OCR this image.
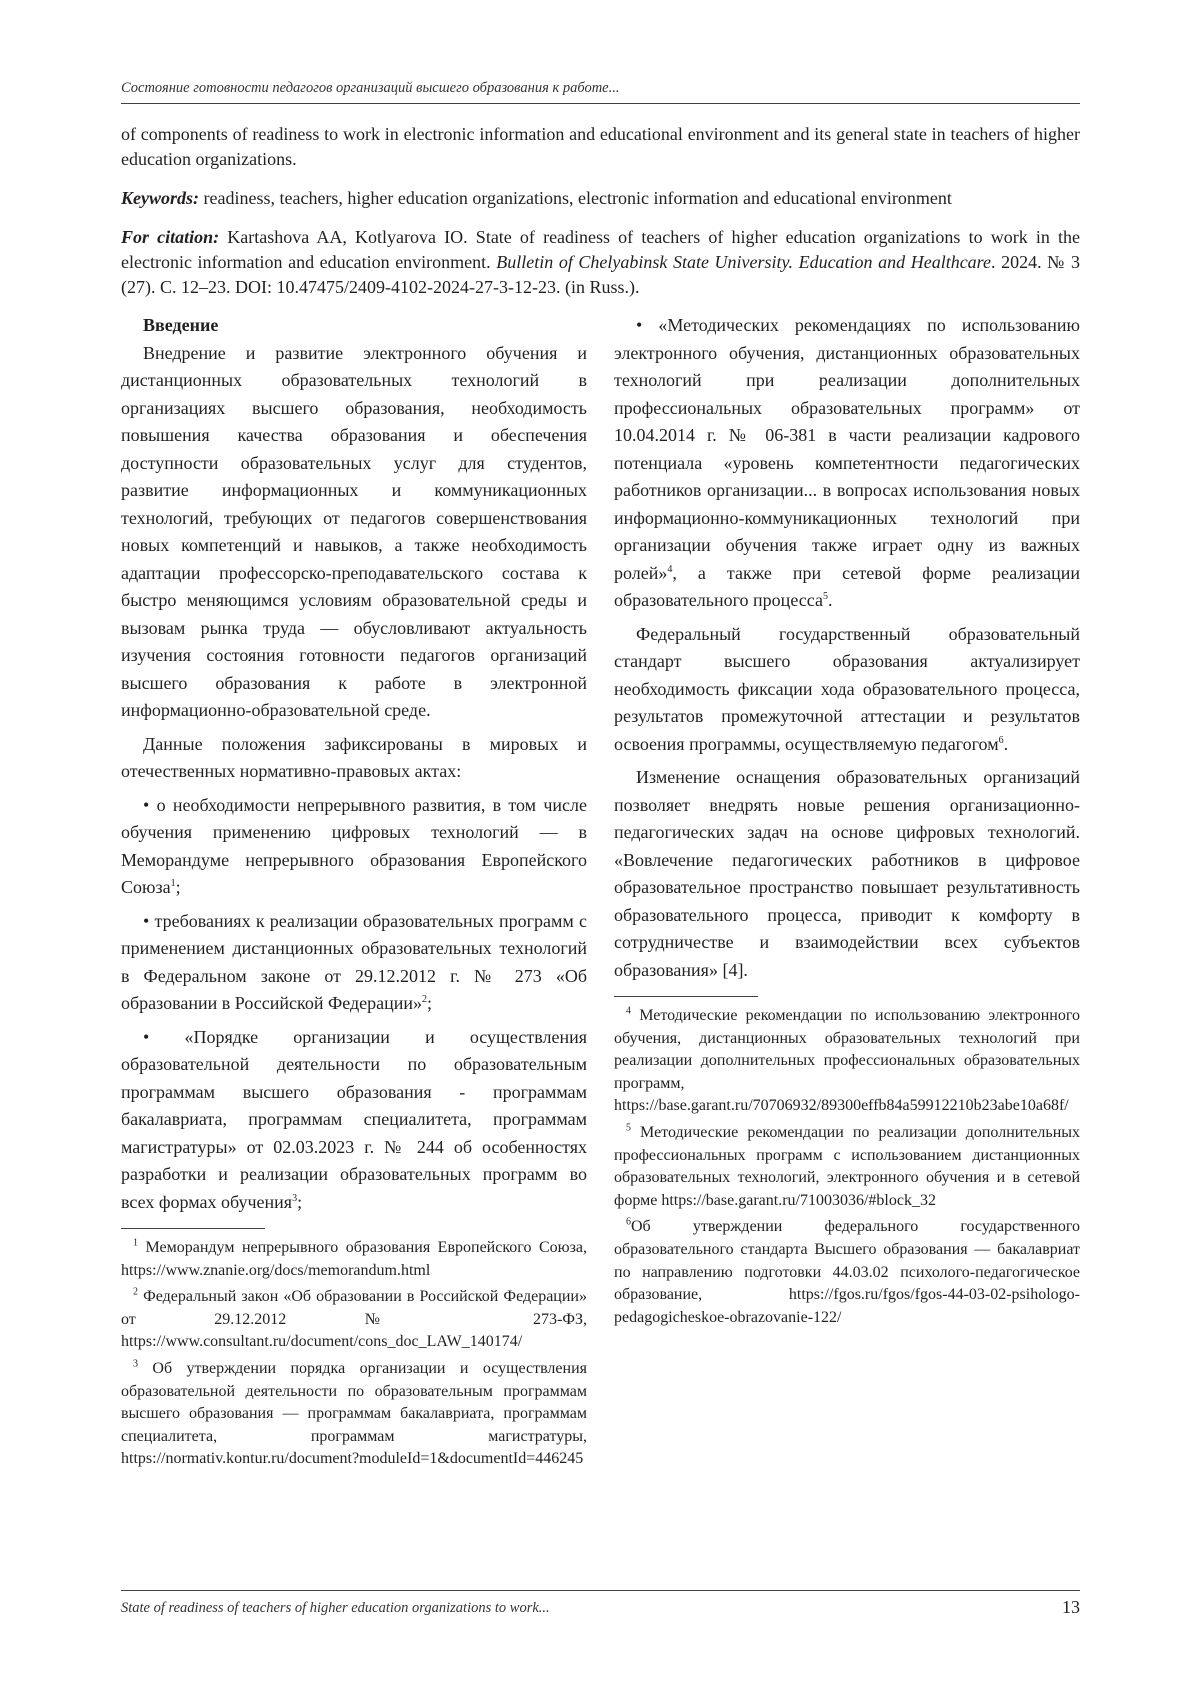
Состояние готовности педагогов организаций высшего образования к работе...

of components of readiness to work in electronic information and educational environment and its general state in teachers of higher education organizations.

Keywords: readiness, teachers, higher education organizations, electronic information and educational environment

For citation: Kartashova AA, Kotlyarova IO. State of readiness of teachers of higher education organizations to work in the electronic information and education environment. Bulletin of Chelyabinsk State University. Education and Healthcare. 2024. № 3 (27). С. 12–23. DOI: 10.47475/2409-4102-2024-27-3-12-23. (in Russ.).

Введение

Внедрение и развитие электронного обучения и дистанционных образовательных технологий в организациях высшего образования, необходимость повышения качества образования и обеспечения доступности образовательных услуг для студентов, развитие информационных и коммуникационных технологий, требующих от педагогов совершенствования новых компетенций и навыков, а также необходимость адаптации профессорско-преподавательского состава к быстро меняющимся условиям образовательной среды и вызовам рынка труда — обусловливают актуальность изучения состояния готовности педагогов организаций высшего образования к работе в электронной информационно-образовательной среде.

Данные положения зафиксированы в мировых и отечественных нормативно-правовых актах:

• о необходимости непрерывного развития, в том числе обучения применению цифровых технологий — в Меморандуме непрерывного образования Европейского Союза$^1$;

• требованиях к реализации образовательных программ с применением дистанционных образовательных технологий в Федеральном законе от 29.12.2012 г. № 273 «Об образовании в Российской Федерации»$^2$;

• «Порядке организации и осуществления образовательной деятельности по образовательным программам высшего образования - программам бакалавриата, программам специалитета, программам магистратуры» от 02.03.2023 г. № 244 об особенностях разработки и реализации образовательных программ во всех формах обучения$^3$;

$^1$ Меморандум непрерывного образования Европейского Союза, https://www.znanie.org/docs/memorandum.html

$^2$ Федеральный закон «Об образовании в Российской Федерации» от 29.12.2012 № 273-ФЗ, https://www.consultant.ru/document/cons_doc_LAW_140174/

$^3$ Об утверждении порядка организации и осуществления образовательной деятельности по образовательным программам высшего образования — программам бакалавриата, программам специалитета, программам магистратуры, https://normativ.kontur.ru/document?moduleId=1&documentId=446245

• «Методических рекомендациях по использованию электронного обучения, дистанционных образовательных технологий при реализации дополнительных профессиональных образовательных программ» от 10.04.2014 г. № 06-381 в части реализации кадрового потенциала «уровень компетентности педагогических работников организации... в вопросах использования новых информационно-коммуникационных технологий при организации обучения также играет одну из важных ролей»$^4$, а также при сетевой форме реализации образовательного процесса$^5$.

Федеральный государственный образовательный стандарт высшего образования актуализирует необходимость фиксации хода образовательного процесса, результатов промежуточной аттестации и результатов освоения программы, осуществляемую педагогом$^6$.

Изменение оснащения образовательных организаций позволяет внедрять новые решения организационно-педагогических задач на основе цифровых технологий. «Вовлечение педагогических работников в цифровое образовательное пространство повышает результативность образовательного процесса, приводит к комфорту в сотрудничестве и взаимодействии всех субъектов образования» [4].

$^4$ Методические рекомендации по использованию электронного обучения, дистанционных образовательных технологий при реализации дополнительных профессиональных образовательных программ, https://base.garant.ru/70706932/89300effb84a59912210b23abe10a68f/

$^5$ Методические рекомендации по реализации дополнительных профессиональных программ с использованием дистанционных образовательных технологий, электронного обучения и в сетевой форме https://base.garant.ru/71003036/#block_32

$^6$Об утверждении федерального государственного образовательного стандарта Высшего образования — бакалавриат по направлению подготовки 44.03.02 психолого-педагогическое образование, https://fgos.ru/fgos/fgos-44-03-02-psihologo-pedagogicheskoe-obrazovanie-122/

State of readiness of teachers of higher education organizations to work...	13
